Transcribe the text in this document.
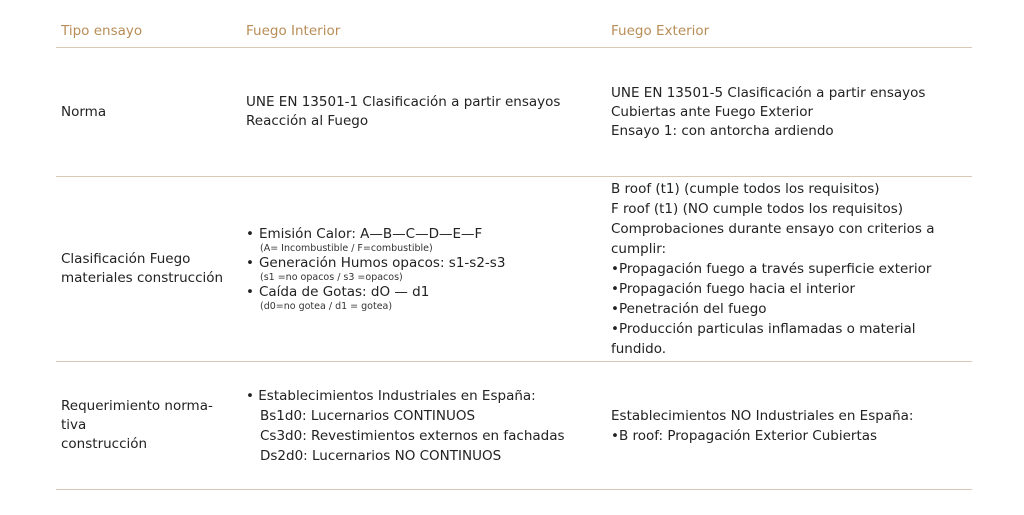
Tipo ensayo	Fuego Interior	Fuego Exterior
Norma
UNE EN 13501-1 Clasificación a partir ensayos
Reacción al Fuego
UNE EN 13501-5 Clasificación a partir ensayos
Cubiertas ante Fuego Exterior
Ensayo 1: con antorcha ardiendo
Clasificación Fuego
materiales construcción
• Emisión Calor: A—B—C—D—E—F
(A= Incombustible / F=combustible)
• Generación Humos opacos: s1-s2-s3
(s1 =no opacos / s3 =opacos)
• Caída de Gotas: dO — d1
(d0=no gotea / d1 = gotea)
B roof (t1) (cumple todos los requisitos)
F roof (t1) (NO cumple todos los requisitos)
Comprobaciones durante ensayo con criterios a cumplir:
•Propagación fuego a través superficie exterior
•Propagación fuego hacia el interior
•Penetración del fuego
•Producción particulas inflamadas o material fundido.
Requerimiento norma-
tiva
construcción
• Establecimientos Industriales en España:
Bs1d0: Lucernarios CONTINUOS
Cs3d0: Revestimientos externos en fachadas
Ds2d0: Lucernarios NO CONTINUOS
Establecimientos NO Industriales en España:
•B roof: Propagación Exterior Cubiertas
